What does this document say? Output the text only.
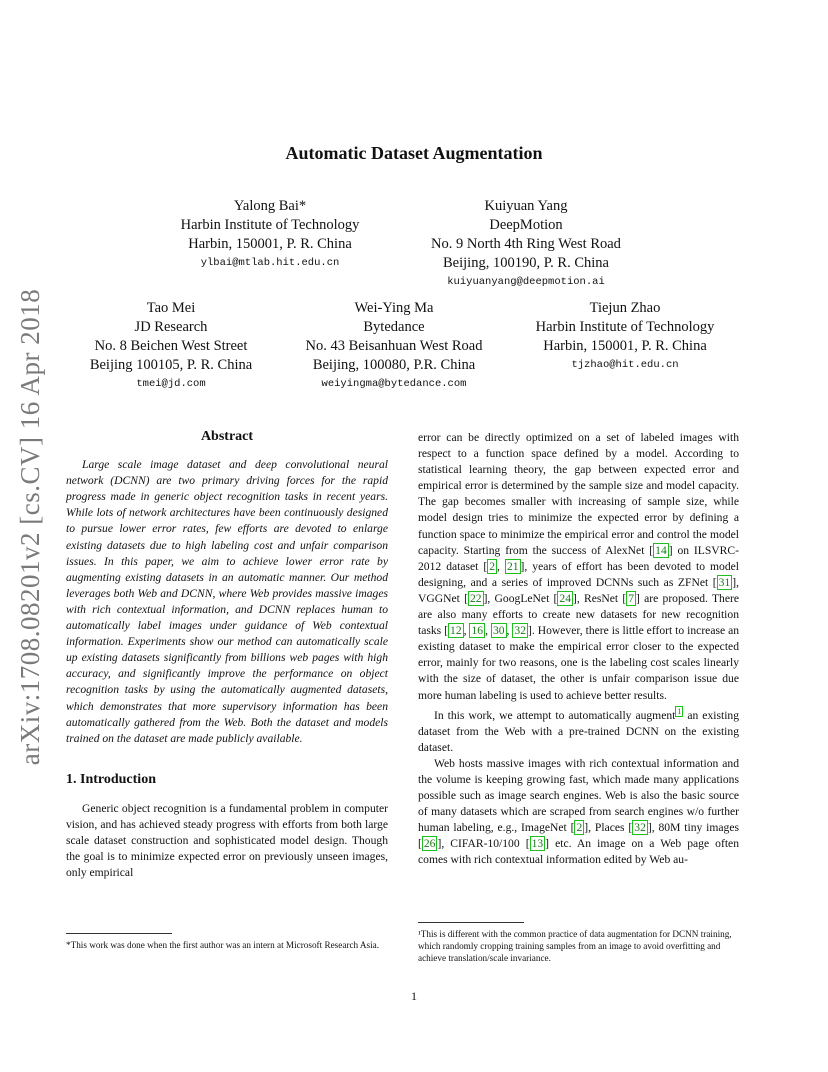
arXiv:1708.08201v2 [cs.CV] 16 Apr 2018
Automatic Dataset Augmentation
Yalong Bai*
Harbin Institute of Technology
Harbin, 150001, P. R. China
ylbai@mtlab.hit.edu.cn
Kuiyuan Yang
DeepMotion
No. 9 North 4th Ring West Road
Beijing, 100190, P. R. China
kuiyuanyang@deepmotion.ai
Tao Mei
JD Research
No. 8 Beichen West Street
Beijing 100105, P. R. China
tmei@jd.com
Wei-Ying Ma
Bytedance
No. 43 Beisanhuan West Road
Beijing, 100080, P.R. China
weiyingma@bytedance.com
Tiejun Zhao
Harbin Institute of Technology
Harbin, 150001, P. R. China
tjzhao@hit.edu.cn

Abstract

Large scale image dataset and deep convolutional neural network (DCNN) are two primary driving forces for the rapid progress made in generic object recognition tasks in recent years. While lots of network architectures have been continuously designed to pursue lower error rates, few efforts are devoted to enlarge existing datasets due to high labeling cost and unfair comparison issues. In this paper, we aim to achieve lower error rate by augmenting existing datasets in an automatic manner. Our method leverages both Web and DCNN, where Web provides massive images with rich contextual information, and DCNN replaces human to automatically label images under guidance of Web contextual information. Experiments show our method can automatically scale up existing datasets significantly from billions web pages with high accuracy, and significantly improve the performance on object recognition tasks by using the automatically augmented datasets, which demonstrates that more supervisory information has been automatically gathered from the Web. Both the dataset and models trained on the dataset are made publicly available.

1. Introduction

Generic object recognition is a fundamental problem in computer vision, and has achieved steady progress with efforts from both large scale dataset construction and sophisticated model design. Though the goal is to minimize expected error on previously unseen images, only empirical

*This work was done when the first author was an intern at Microsoft Research Asia.

error can be directly optimized on a set of labeled images with respect to a function space defined by a model. According to statistical learning theory, the gap between expected error and empirical error is determined by the sample size and model capacity. The gap becomes smaller with increasing of sample size, while model design tries to minimize the expected error by defining a function space to minimize the empirical error and control the model capacity. Starting from the success of AlexNet [ 14 ] on ILSVRC-2012 dataset [ 2 , 21 ], years of effort has been devoted to model designing, and a series of improved DCNNs such as ZFNet [ 31 ], VGGNet [ 22 ], GoogLeNet [ 24 ], ResNet [ 7 ] are proposed. There are also many efforts to create new datasets for new recognition tasks [ 12 , 16 , 30 , 32 ]. However, there is little effort to increase an existing dataset to make the empirical error closer to the expected error, mainly for two reasons, one is the labeling cost scales linearly with the size of dataset, the other is unfair comparison issue due more human labeling is used to achieve better results.

In this work, we attempt to automatically augment $^1$ an existing dataset from the Web with a pre-trained DCNN on the existing dataset.

Web hosts massive images with rich contextual information and the volume is keeping growing fast, which made many applications possible such as image search engines. Web is also the basic source of many datasets which are scraped from search engines w/o further human labeling, e.g., ImageNet [ 2 ], Places [ 32 ], 80M tiny images [ 26 ], CIFAR-10/100 [ 13 ] etc. An image on a Web page often comes with rich contextual information edited by Web au-

¹This is different with the common practice of data augmentation for DCNN training, which randomly cropping training samples from an image to avoid overfitting and achieve translation/scale invariance.
1
